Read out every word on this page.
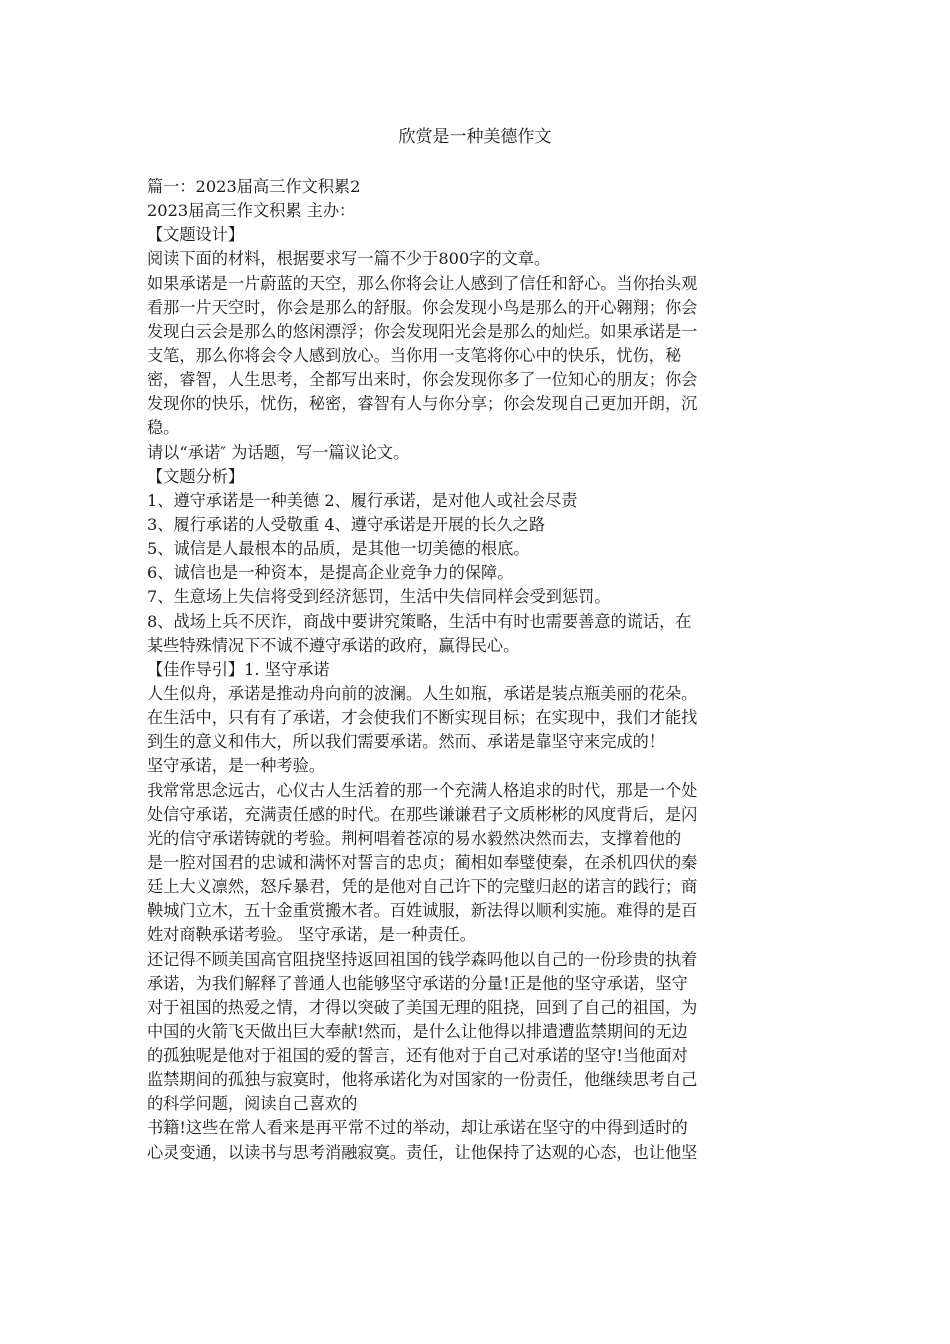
欣赏是一种美德作文
篇一：2023届高三作文积累2
2023届高三作文积累 主办：
【文题设计】
阅读下面的材料，根据要求写一篇不少于800字的文章。
如果承诺是一片蔚蓝的天空，那么你将会让人感到了信任和舒心。当你抬头观
看那一片天空时，你会是那么的舒服。你会发现小鸟是那么的开心翱翔；你会
发现白云会是那么的悠闲漂浮；你会发现阳光会是那么的灿烂。如果承诺是一
支笔，那么你将会令人感到放心。当你用一支笔将你心中的快乐，忧伤，秘
密，睿智，人生思考，全都写出来时，你会发现你多了一位知心的朋友；你会
发现你的快乐，忧伤，秘密，睿智有人与你分享；你会发现自己更加开朗，沉
稳。
请以“承诺″ 为话题，写一篇议论文。
【文题分析】
1、遵守承诺是一种美德 2、履行承诺，是对他人或社会尽责
3、履行承诺的人受敬重 4、遵守承诺是开展的长久之路
5、诚信是人最根本的品质，是其他一切美德的根底。
6、诚信也是一种资本，是提高企业竞争力的保障。
7、生意场上失信将受到经济惩罚，生活中失信同样会受到惩罚。
8、战场上兵不厌诈，商战中要讲究策略，生活中有时也需要善意的谎话，在
某些特殊情况下不诚不遵守承诺的政府，赢得民心。
【佳作导引】1. 坚守承诺
人生似舟，承诺是推动舟向前的波澜。人生如瓶，承诺是装点瓶美丽的花朵。
在生活中，只有有了承诺，才会使我们不断实现目标；在实现中，我们才能找
到生的意义和伟大，所以我们需要承诺。然而、承诺是靠坚守来完成的！
坚守承诺，是一种考验。
我常常思念远古，心仪古人生活着的那一个充满人格追求的时代，那是一个处
处信守承诺，充满责任感的时代。在那些谦谦君子文质彬彬的风度背后，是闪
光的信守承诺铸就的考验。荆柯唱着苍凉的易水毅然决然而去，支撑着他的
是一腔对国君的忠诚和满怀对誓言的忠贞；蔺相如奉璧使秦，在杀机四伏的秦
廷上大义凛然，怒斥暴君，凭的是他对自己许下的完璧归赵的诺言的践行；商
鞅城门立木，五十金重赏搬木者。百姓诚服，新法得以顺利实施。难得的是百
姓对商鞅承诺考验。 坚守承诺，是一种责任。
还记得不顾美国高官阻挠坚持返回祖国的钱学森吗他以自己的一份珍贵的执着
承诺，为我们解释了普通人也能够坚守承诺的分量!正是他的坚守承诺，坚守
对于祖国的热爱之情，才得以突破了美国无理的阻挠，回到了自己的祖国，为
中国的火箭飞天做出巨大奉献!然而，是什么让他得以排遣遭监禁期间的无边
的孤独呢是他对于祖国的爱的誓言，还有他对于自己对承诺的坚守!当他面对
监禁期间的孤独与寂寞时，他将承诺化为对国家的一份责任，他继续思考自己
的科学问题，阅读自己喜欢的
书籍!这些在常人看来是再平常不过的举动，却让承诺在坚守的中得到适时的
心灵变通，以读书与思考消融寂寞。责任，让他保持了达观的心态，也让他坚
